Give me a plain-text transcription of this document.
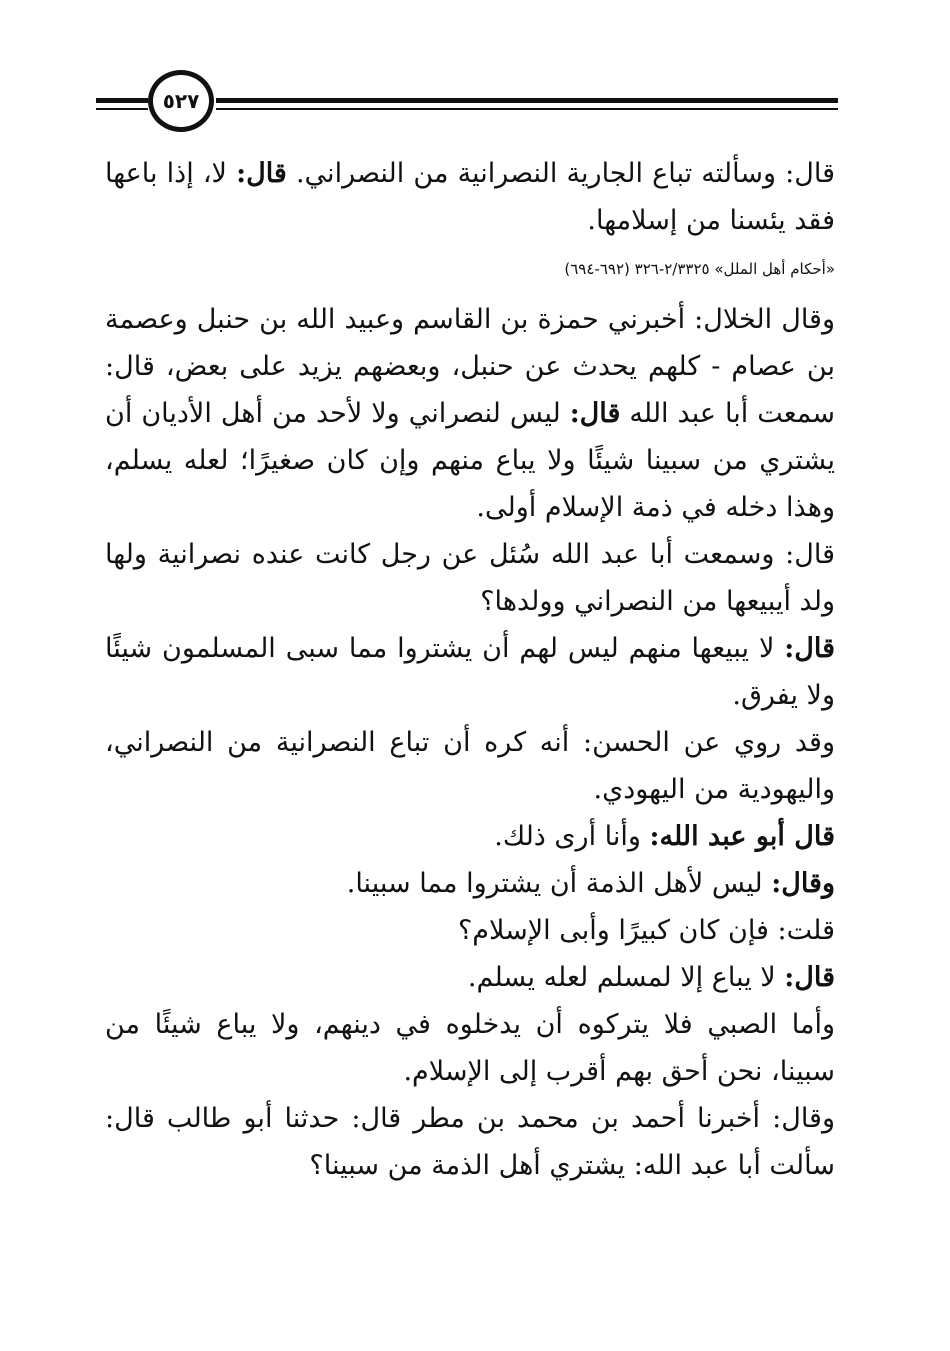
٥٢٧

قال: وسألته تباع الجارية النصرانية من النصراني. قال: لا، إذا باعها فقد يئسنا من إسلامها.

«أحكام أهل الملل» ٢/٣٣٢٥-٣٢٦ (٦٩٢-٦٩٤)

وقال الخلال: أخبرني حمزة بن القاسم وعبيد الله بن حنبل وعصمة بن عصام - كلهم يحدث عن حنبل، وبعضهم يزيد على بعض، قال: سمعت أبا عبد الله قال: ليس لنصراني ولا لأحد من أهل الأديان أن يشتري من سبينا شيئًا ولا يباع منهم وإن كان صغيرًا؛ لعله يسلم، وهذا دخله في ذمة الإسلام أولى.

قال: وسمعت أبا عبد الله سُئل عن رجل كانت عنده نصرانية ولها ولد أيبيعها من النصراني وولدها؟

قال: لا يبيعها منهم ليس لهم أن يشتروا مما سبى المسلمون شيئًا ولا يفرق.

وقد روي عن الحسن: أنه كره أن تباع النصرانية من النصراني، واليهودية من اليهودي.

قال أبو عبد الله: وأنا أرى ذلك.

وقال: ليس لأهل الذمة أن يشتروا مما سبينا.

قلت: فإن كان كبيرًا وأبى الإسلام؟

قال: لا يباع إلا لمسلم لعله يسلم.

وأما الصبي فلا يتركوه أن يدخلوه في دينهم، ولا يباع شيئًا من سبينا، نحن أحق بهم أقرب إلى الإسلام.

وقال: أخبرنا أحمد بن محمد بن مطر قال: حدثنا أبو طالب قال: سألت أبا عبد الله: يشتري أهل الذمة من سبينا؟
